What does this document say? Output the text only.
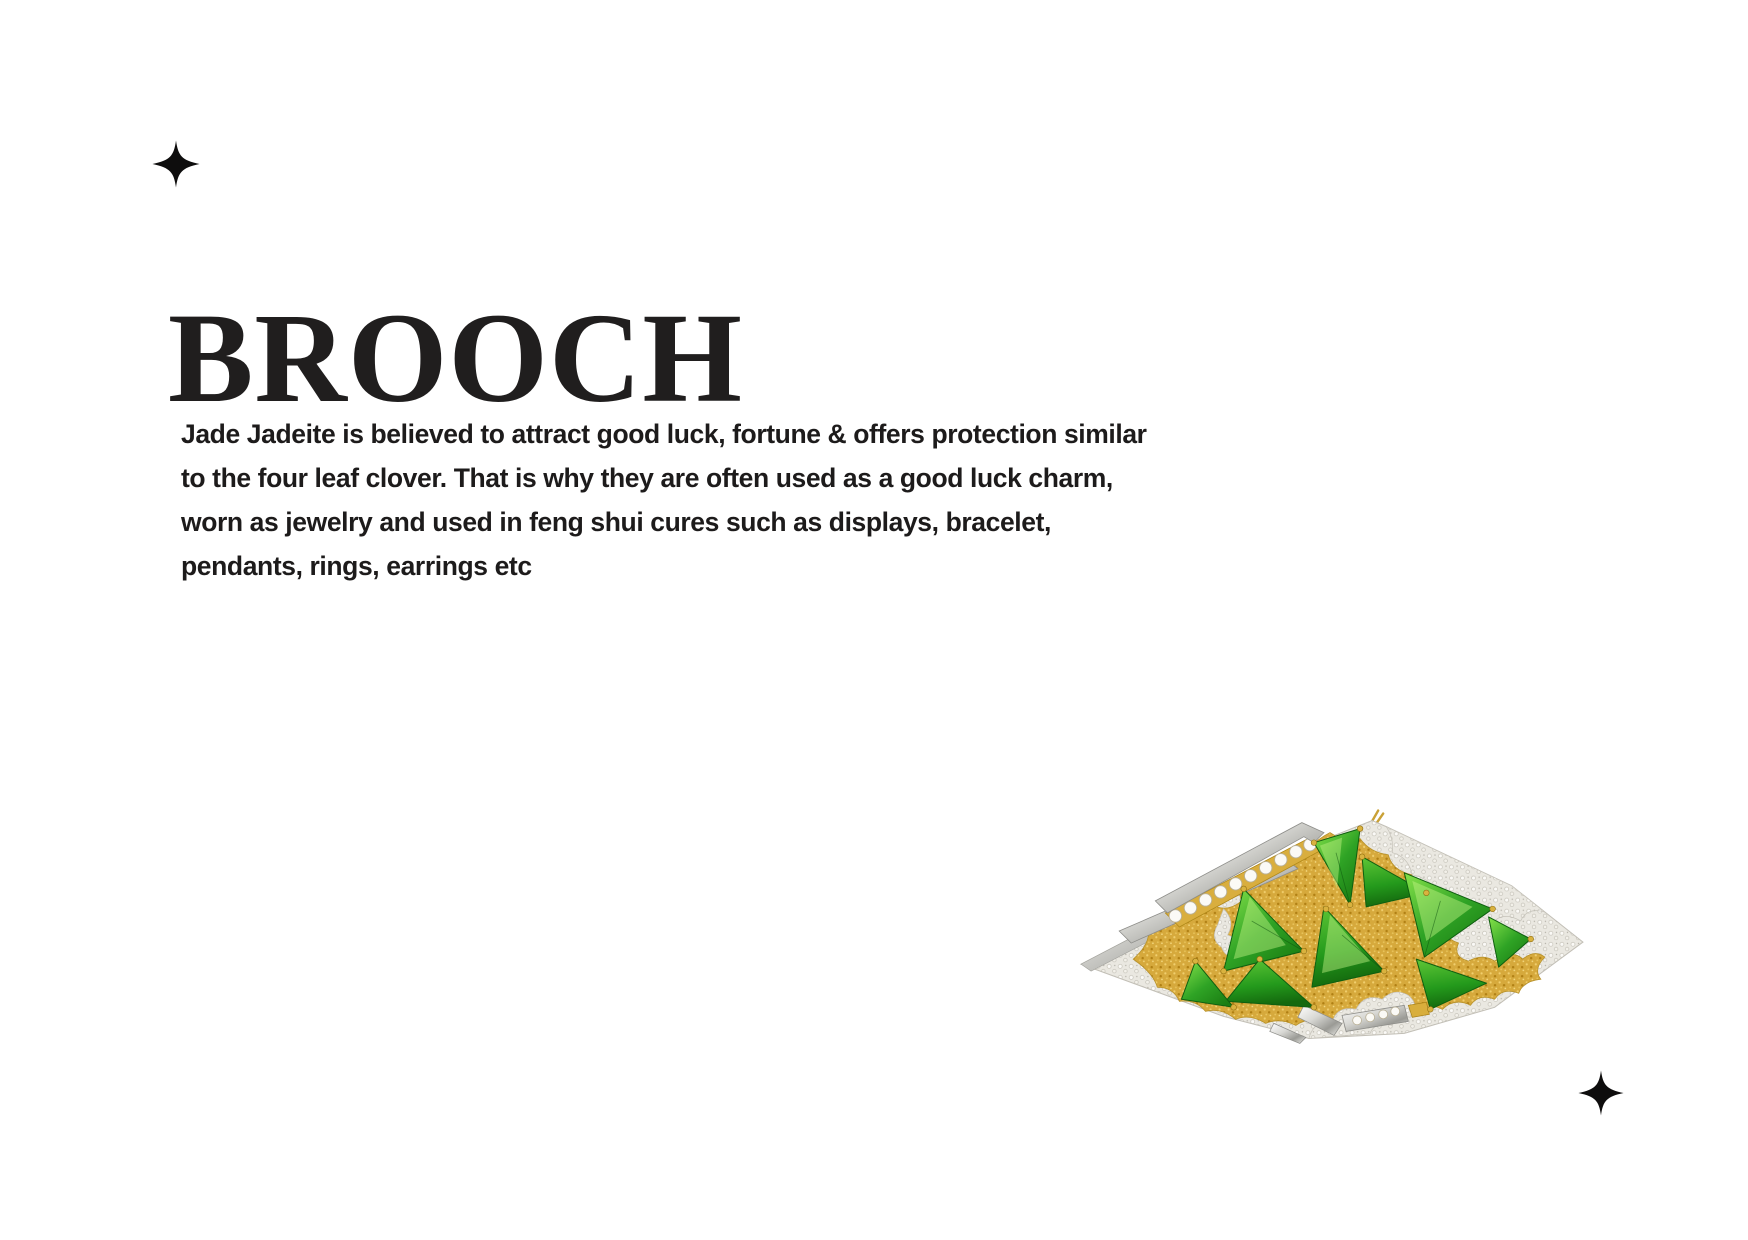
BROOCH
Jade Jadeite is believed to attract good luck, fortune & offers protection similar
to the four leaf clover. That is why they are often used as a good luck charm,
worn as jewelry and used in feng shui cures such as displays, bracelet,
pendants, rings, earrings etc
